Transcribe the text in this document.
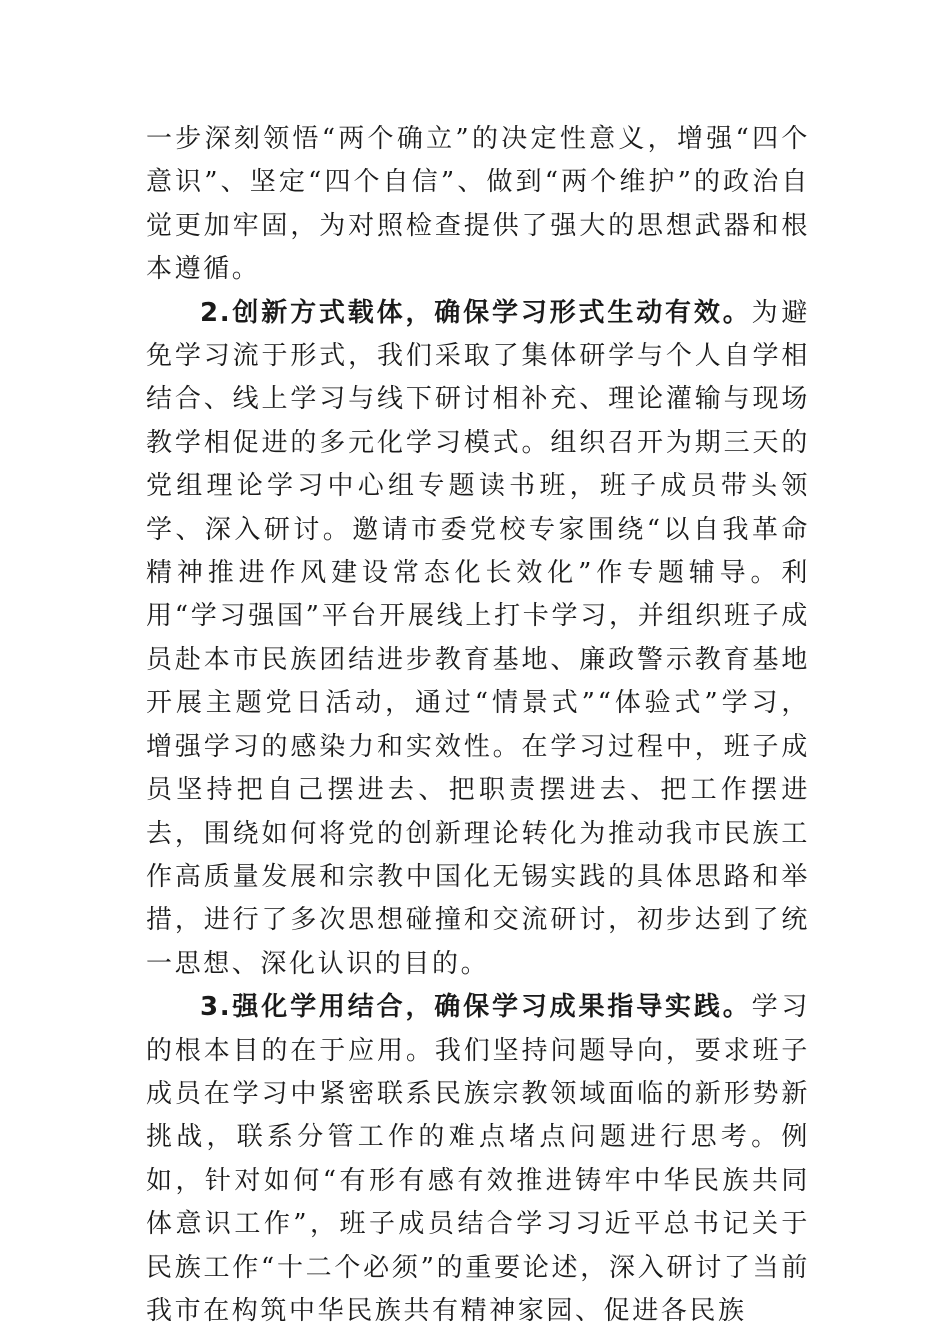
一步深刻领悟“两个确立”的决定性意义，增强“四个意识”、坚定“四个自信”、做到“两个维护”的政治自觉更加牢固，为对照检查提供了强大的思想武器和根本遵循。

2.创新方式载体，确保学习形式生动有效。为避免学习流于形式，我们采取了集体研学与个人自学相结合、线上学习与线下研讨相补充、理论灌输与现场教学相促进的多元化学习模式。组织召开为期三天的党组理论学习中心组专题读书班，班子成员带头领学、深入研讨。邀请市委党校专家围绕“以自我革命精神推进作风建设常态化长效化”作专题辅导。利用“学习强国”平台开展线上打卡学习，并组织班子成员赴本市民族团结进步教育基地、廉政警示教育基地开展主题党日活动，通过“情景式”“体验式”学习，增强学习的感染力和实效性。在学习过程中，班子成员坚持把自己摆进去、把职责摆进去、把工作摆进去，围绕如何将党的创新理论转化为推动我市民族工作高质量发展和宗教中国化无锡实践的具体思路和举措，进行了多次思想碰撞和交流研讨，初步达到了统一思想、深化认识的目的。

3.强化学用结合，确保学习成果指导实践。学习的根本目的在于应用。我们坚持问题导向，要求班子成员在学习中紧密联系民族宗教领域面临的新形势新挑战，联系分管工作的难点堵点问题进行思考。例如，针对如何“有形有感有效推进铸牢中华民族共同体意识工作”，班子成员结合学习习近平总书记关于民族工作“十二个必须”的重要论述，深入研讨了当前我市在构筑中华民族共有精神家园、促进各民族
